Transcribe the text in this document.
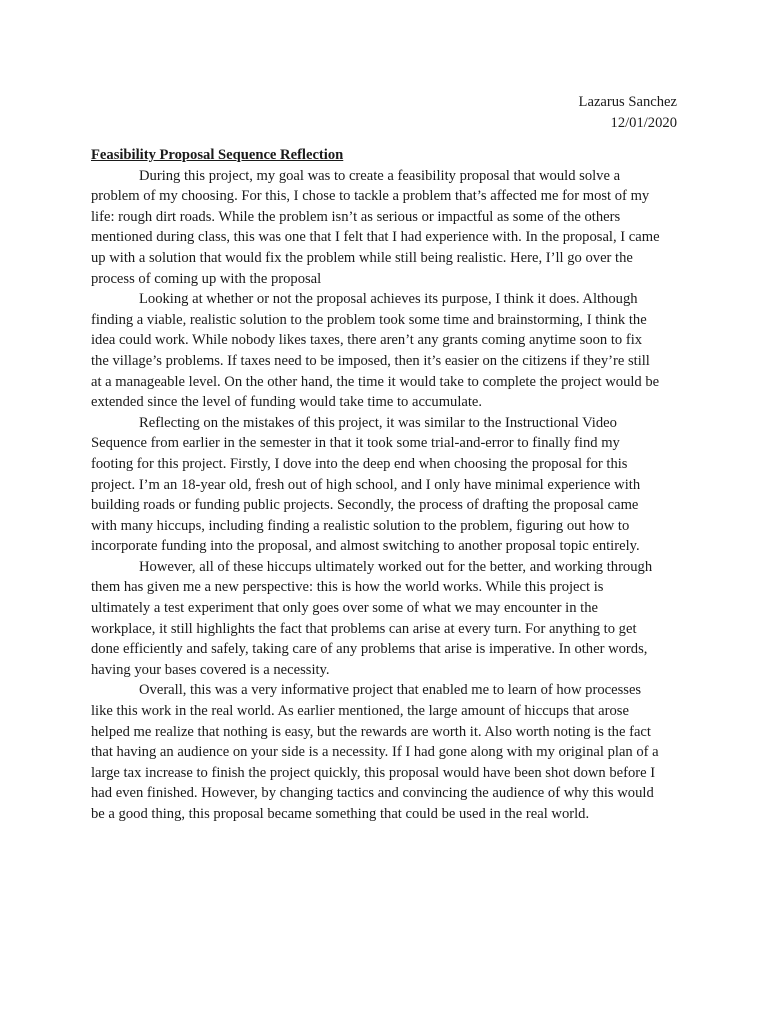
Lazarus Sanchez
12/01/2020

Feasibility Proposal Sequence Reflection

During this project, my goal was to create a feasibility proposal that would solve a
problem of my choosing. For this, I chose to tackle a problem that’s affected me for most of my
life: rough dirt roads. While the problem isn’t as serious or impactful as some of the others
mentioned during class, this was one that I felt that I had experience with. In the proposal, I came
up with a solution that would fix the problem while still being realistic. Here, I’ll go over the
process of coming up with the proposal

Looking at whether or not the proposal achieves its purpose, I think it does. Although
finding a viable, realistic solution to the problem took some time and brainstorming, I think the
idea could work. While nobody likes taxes, there aren’t any grants coming anytime soon to fix
the village’s problems. If taxes need to be imposed, then it’s easier on the citizens if they’re still
at a manageable level. On the other hand, the time it would take to complete the project would be
extended since the level of funding would take time to accumulate.

Reflecting on the mistakes of this project, it was similar to the Instructional Video
Sequence from earlier in the semester in that it took some trial-and-error to finally find my
footing for this project. Firstly, I dove into the deep end when choosing the proposal for this
project. I’m an 18-year old, fresh out of high school, and I only have minimal experience with
building roads or funding public projects. Secondly, the process of drafting the proposal came
with many hiccups, including finding a realistic solution to the problem, figuring out how to
incorporate funding into the proposal, and almost switching to another proposal topic entirely.

However, all of these hiccups ultimately worked out for the better, and working through
them has given me a new perspective: this is how the world works. While this project is
ultimately a test experiment that only goes over some of what we may encounter in the
workplace, it still highlights the fact that problems can arise at every turn. For anything to get
done efficiently and safely, taking care of any problems that arise is imperative. In other words,
having your bases covered is a necessity.

Overall, this was a very informative project that enabled me to learn of how processes
like this work in the real world. As earlier mentioned, the large amount of hiccups that arose
helped me realize that nothing is easy, but the rewards are worth it. Also worth noting is the fact
that having an audience on your side is a necessity. If I had gone along with my original plan of a
large tax increase to finish the project quickly, this proposal would have been shot down before I
had even finished. However, by changing tactics and convincing the audience of why this would
be a good thing, this proposal became something that could be used in the real world.
